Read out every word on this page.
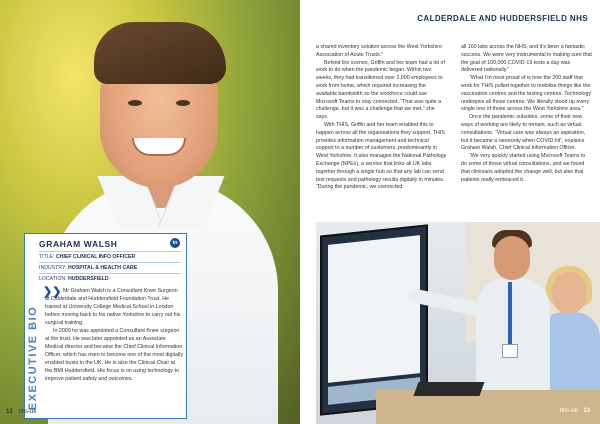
EXECUTIVE BIO
GRAHAM WALSH	in
TITLE: CHIEF CLINICAL INFO OFFICER
INDUSTRY: HOSPITAL & HEALTH CARE
LOCATION: HUDDERSFIELD
❯❯ Mr Graham Walsh is a Consultant Knee Surgeon at Calderdale and Huddersfield Foundation Trust. He trained at University College Medical School in London before moving back to his native Yorkshire to carry out his surgical training.

In 2009 he was appointed a Consultant Knee surgeon at the trust. He was later appointed as an Associate Medical director and became the Chief Clinical Information Officer, which has risen to become one of the most digitally enabled trusts in the UK. He is also the Clinical Chair at the BMI Huddersfield. His focus is on using technology to improve patient safety and outcomes.

12 nhs-uk
CALDERDALE AND HUDDERSFIELD NHS

a shared inventory solution across the West Yorkshire Association of Acute Trusts.”

Behind the scenes, Griffin and her team had a lot of work to do when the pandemic began. Within two weeks, they had transitioned over 2,000 employees to work from home, which required increasing the available bandwidth so the workforce could use Microsoft Teams to stay connected. “That was quite a challenge, but it was a challenge that we met,” she says.

With THIS, Griffin and her team enabled this to happen across all the organisations they support. THIS provides information management and technical support to a number of customers, predominantly in West Yorkshire. It also manages the National Pathology Exchange (NPEx), a service that links all UK labs together through a single hub so that any lab can send test requests and pathology results digitally in minutes. “During the pandemic, we connected

all 160 labs across the NHS, and it’s been a fantastic success. We were very instrumental in making sure that the goal of 100,000 COVID-19 tests a day was delivered nationally.”

“What I’m most proud of is how the 200 staff that work for THIS pulled together to mobilise things like the vaccination centres and the testing centres. Technology underpins all those centres. We literally stood up every single one of those across the West Yorkshire area.”

Once the pandemic subsides, some of their new ways of working are likely to remain, such as virtual consultations. “Virtual care was always an aspiration, but it became a necessity when COVID hit”, explains Graham Walsh, Chief Clinical Information Officer.

“We very quickly started using Microsoft Teams to do some of those virtual consultations, and we found that clinicians adopted the change well, but also that patients really embraced it.

nhs-uk 13
